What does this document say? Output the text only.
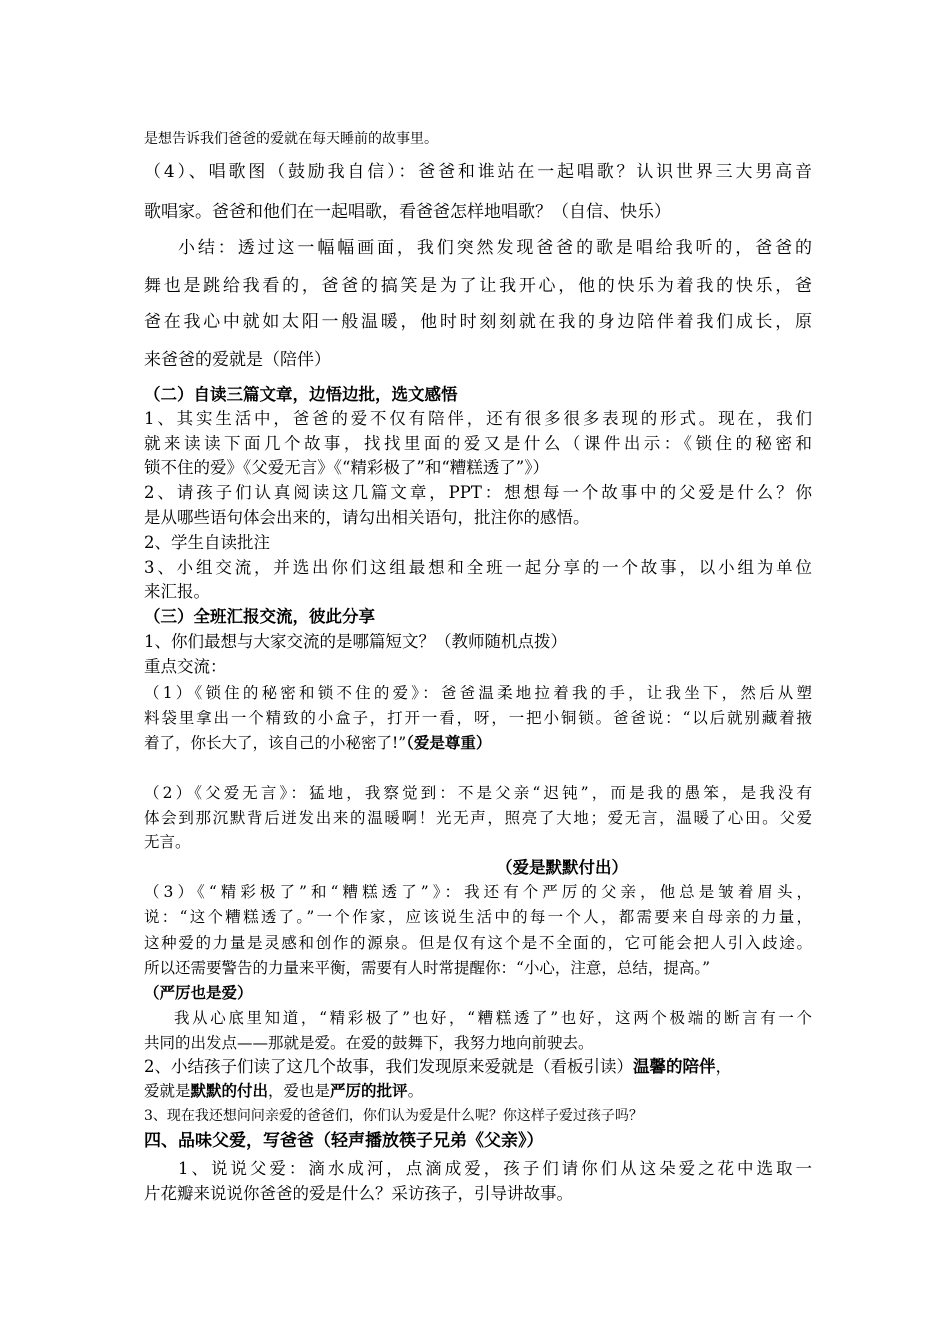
是想告诉我们爸爸的爱就在每天睡前的故事里。
（4）、唱歌图（鼓励我自信）：爸爸和谁站在一起唱歌？认识世界三大男高音
歌唱家。爸爸和他们在一起唱歌，看爸爸怎样地唱歌？（自信、快乐）
小结：透过这一幅幅画面，我们突然发现爸爸的歌是唱给我听的，爸爸的
舞也是跳给我看的，爸爸的搞笑是为了让我开心，他的快乐为着我的快乐，爸
爸在我心中就如太阳一般温暖，他时时刻刻就在我的身边陪伴着我们成长，原
来爸爸的爱就是（陪伴）
（二）自读三篇文章，边悟边批，选文感悟
1、其实生活中，爸爸的爱不仅有陪伴，还有很多很多表现的形式。现在，我们
就来读读下面几个故事，找找里面的爱又是什么（课件出示：《锁住的秘密和
锁不住的爱》《父爱无言》《“精彩极了”和“糟糕透了”》）
2、请孩子们认真阅读这几篇文章，PPT：想想每一个故事中的父爱是什么？你
是从哪些语句体会出来的，请勾出相关语句，批注你的感悟。
2、学生自读批注
3、小组交流，并选出你们这组最想和全班一起分享的一个故事，以小组为单位
来汇报。
（三）全班汇报交流，彼此分享
1、你们最想与大家交流的是哪篇短文？（教师随机点拨）
重点交流：
（1）《锁住的秘密和锁不住的爱》：爸爸温柔地拉着我的手，让我坐下，然后从塑
料袋里拿出一个精致的小盒子，打开一看，呀，一把小铜锁。爸爸说：“以后就别藏着掖
着了，你长大了，该自己的小秘密了!”（爱是尊重）
（2）《父爱无言》：猛地，我察觉到：不是父亲“迟钝”，而是我的愚笨，是我没有
体会到那沉默背后迸发出来的温暖啊！光无声，照亮了大地；爱无言，温暖了心田。父爱
无言。
（爱是默默付出）
（3）《“精彩极了”和“糟糕透了”》：我还有个严厉的父亲，他总是皱着眉头，
说：“这个糟糕透了。”一个作家，应该说生活中的每一个人，都需要来自母亲的力量，
这种爱的力量是灵感和创作的源泉。但是仅有这个是不全面的，它可能会把人引入歧途。
所以还需要警告的力量来平衡，需要有人时常提醒你：“小心，注意，总结，提高。”
（严厉也是爱）
我从心底里知道，“精彩极了”也好，“糟糕透了”也好，这两个极端的断言有一个
共同的出发点——那就是爱。在爱的鼓舞下，我努力地向前驶去。
2、小结孩子们读了这几个故事，我们发现原来爱就是（看板引读）温馨的陪伴，
爱就是默默的付出，爱也是严厉的批评。
3、现在我还想问问亲爱的爸爸们，你们认为爱是什么呢？你这样子爱过孩子吗？
四、品味父爱，写爸爸（轻声播放筷子兄弟《父亲》）
1、说说父爱：滴水成河，点滴成爱，孩子们请你们从这朵爱之花中选取一
片花瓣来说说你爸爸的爱是什么？采访孩子，引导讲故事。
